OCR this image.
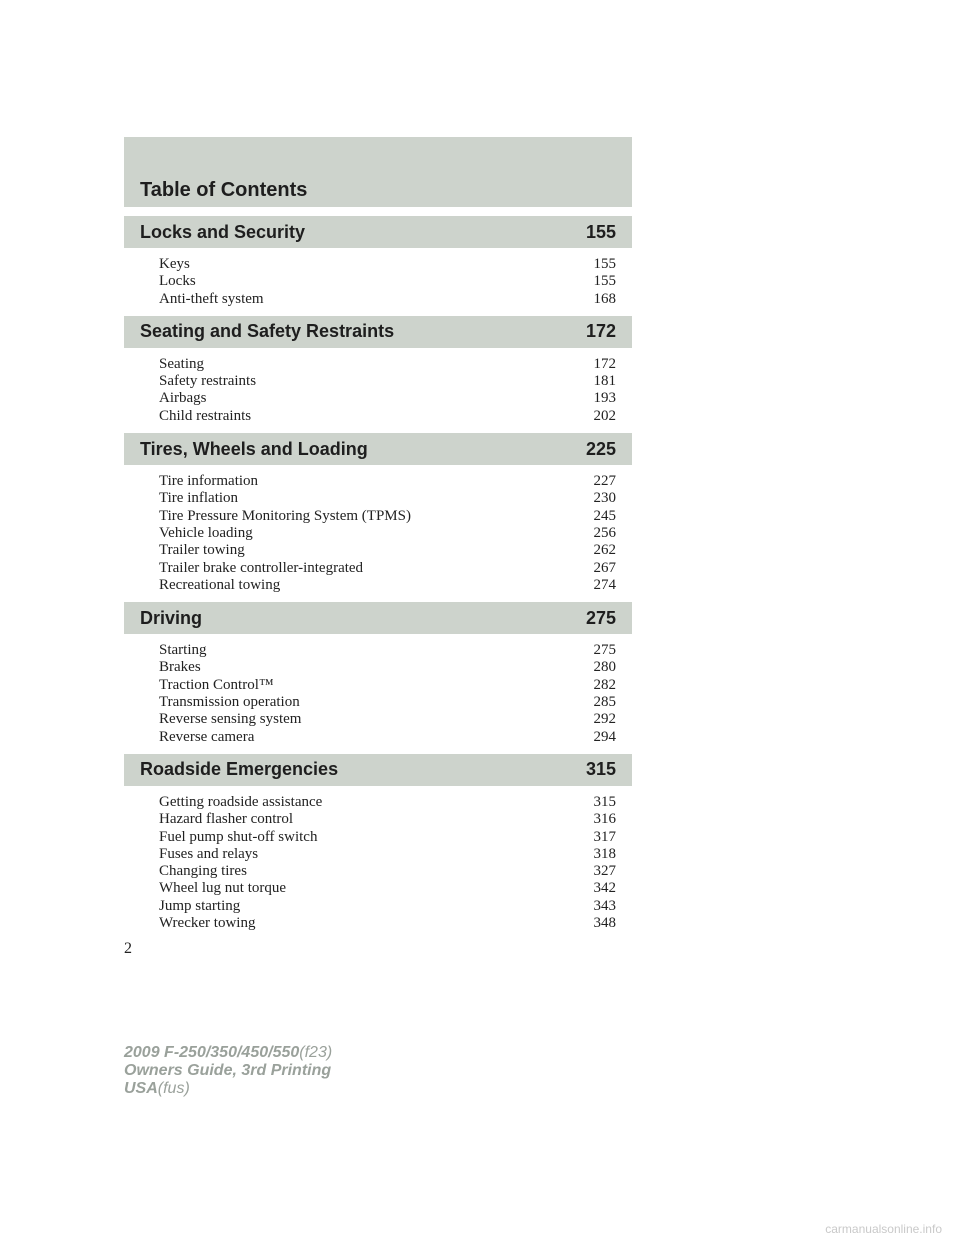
Table of Contents
Locks and Security	155
Keys	155
Locks	155
Anti-theft system	168
Seating and Safety Restraints	172
Seating	172
Safety restraints	181
Airbags	193
Child restraints	202
Tires, Wheels and Loading	225
Tire information	227
Tire inflation	230
Tire Pressure Monitoring System (TPMS)	245
Vehicle loading	256
Trailer towing	262
Trailer brake controller-integrated	267
Recreational towing	274
Driving	275
Starting	275
Brakes	280
Traction Control™	282
Transmission operation	285
Reverse sensing system	292
Reverse camera	294
Roadside Emergencies	315
Getting roadside assistance	315
Hazard flasher control	316
Fuel pump shut-off switch	317
Fuses and relays	318
Changing tires	327
Wheel lug nut torque	342
Jump starting	343
Wrecker towing	348
2
2009 F-250/350/450/550(f23)
Owners Guide, 3rd Printing
USA(fus)
carmanualsonline.info
